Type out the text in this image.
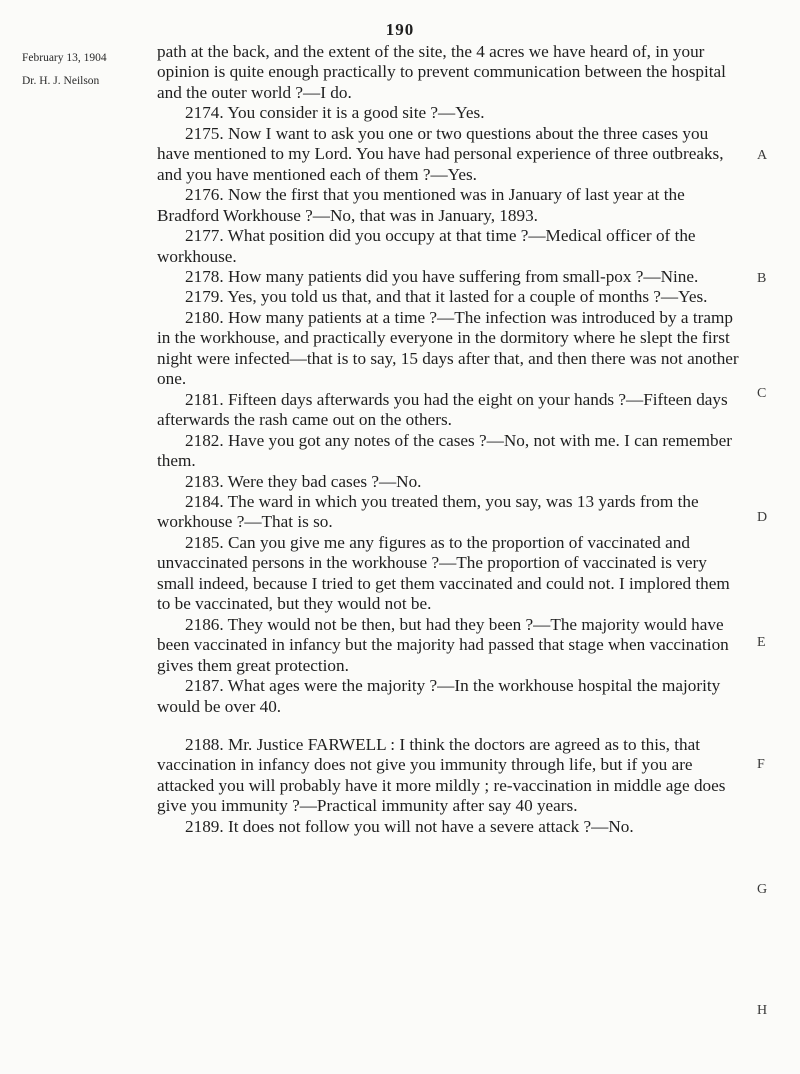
190
February 13, 1904
Dr. H. J. Neilson

path at the back, and the extent of the site, the 4 acres we have heard of, in your opinion is quite enough practically to prevent communication between the hospital and the outer world ?—I do.

2174. You consider it is a good site ?—Yes.

2175. Now I want to ask you one or two questions about the three cases you have mentioned to my Lord. You have had personal experience of three outbreaks, and you have mentioned each of them ?—Yes.

2176. Now the first that you mentioned was in January of last year at the Bradford Workhouse ?—No, that was in January, 1893.

2177. What position did you occupy at that time ?—Medical officer of the workhouse.

2178. How many patients did you have suffering from small-pox ?—Nine.

2179. Yes, you told us that, and that it lasted for a couple of months ?—Yes.

2180. How many patients at a time ?—The infection was introduced by a tramp in the workhouse, and practically everyone in the dormitory where he slept the first night were infected—that is to say, 15 days after that, and then there was not another one.

2181. Fifteen days afterwards you had the eight on your hands ?—Fifteen days afterwards the rash came out on the others.

2182. Have you got any notes of the cases ?—No, not with me. I can remember them.

2183. Were they bad cases ?—No.

2184. The ward in which you treated them, you say, was 13 yards from the workhouse ?—That is so.

2185. Can you give me any figures as to the proportion of vaccinated and unvaccinated persons in the workhouse ?—The proportion of vaccinated is very small indeed, because I tried to get them vaccinated and could not. I implored them to be vaccinated, but they would not be.

2186. They would not be then, but had they been ?—The majority would have been vaccinated in infancy but the majority had passed that stage when vaccination gives them great protection.

2187. What ages were the majority ?—In the workhouse hospital the majority would be over 40.

2188. Mr. Justice FARWELL : I think the doctors are agreed as to this, that vaccination in infancy does not give you immunity through life, but if you are attacked you will probably have it more mildly ; re-vaccination in middle age does give you immunity ?—Practical immunity after say 40 years.

2189. It does not follow you will not have a severe attack ?—No.

A
B
C
D
E
F
G
H
